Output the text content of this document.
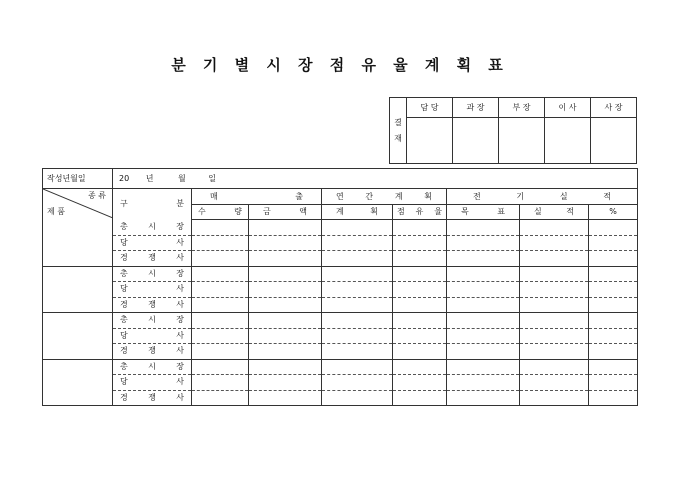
분 기 별 시 장 점 유 율 계 획 표
결
재	담 당	과 장	부 장	이 사	사 장

작성년월일	20 년 월 일							

종 류
제 품	구 분	매 출		연 간 계 획		전 기 실 적		

		수 량	금 액	계 획	점 유 율	목 표	실 적	%

	총 시 장							

	당 사							

	경 쟁 사							

	총 시 장							

	당 사							

	경 쟁 사							

	총 시 장							

	당 사							

	경 쟁 사							

	총 시 장							

	당 사							

	경 쟁 사							
